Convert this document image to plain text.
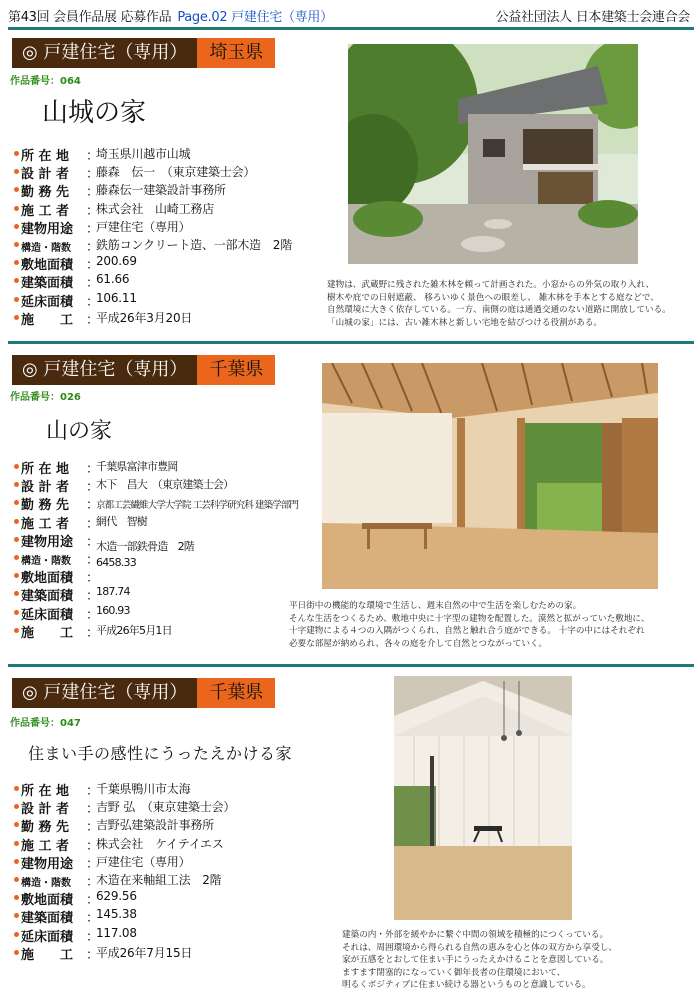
第43回 会員作品展 応募作品 Page.02 戸建住宅（専用）	公益社団法人 日本建築士会連合会
◎ 戸建住宅（専用）	埼玉県
作品番号：064
山城の家
所 在 地 ：
埼玉県川越市山城
設 計 者 ：
藤森　伝一　（東京建築士会）
勤 務 先 ：
藤森伝一建築設計事務所
施 工 者 ：
株式会社　山崎工務店
建物用途 ：
戸建住宅（専用）
構造・階数 ：
鉄筋コンクリート造、一部木造　2階
敷地面積 ：
200.69
建築面積 ：
61.66
延床面積 ：
106.11
施　　工 ：
平成26年3月20日
建物は、武蔵野に残された雑木林を頼って計画された。小窓からの外気の取り入れ、
樹木や庇での日射遮蔽、 移ろいゆく景色への眼差し、 雑木林を手本とする庭などで、
自然環境に大きく依存している。一方、南側の庭は通過交通のない道路に開放している。
「山城の家」には、古い雑木林と新しい宅地を結びつける役割がある。
◎ 戸建住宅（専用）	千葉県
作品番号：026
山の家
所 在 地 ：
千葉県富津市豊岡
設 計 者 ：
木下　昌大　（東京建築士会）
勤 務 先 ：
京都工芸繊維大学大学院 工芸科学研究科 建築学部門
施 工 者 ：
網代　智樹
建物用途 ：
木造一部鉄骨造　2階
構造・階数 ：
6458.33
敷地面積 ：
建築面積 ：
187.74
延床面積 ：
160.93
施　　工 ：
平成26年5月1日
平日街中の機能的な環境で生活し、週末自然の中で生活を楽しむための家。
そんな生活をつくるため、敷地中央に十字型の建物を配置した。漠然と拡がっていた敷地に、
十字建物による４つの入隅がつくられ、自然と触れ合う庭ができる。 十字の中にはそれぞれ
必要な部屋が納められ、各々の庭を介して自然とつながっていく。
◎ 戸建住宅（専用）	千葉県
作品番号：047
住まい手の感性にうったえかける家
所 在 地 ：
千葉県鴨川市太海
設 計 者 ：
吉野 弘　（東京建築士会）
勤 務 先 ：
吉野弘建築設計事務所
施 工 者 ：
株式会社　ケイテイエス
建物用途 ：
戸建住宅（専用）
構造・階数 ：
木造在来軸組工法　2階
敷地面積 ：
629.56
建築面積 ：
145.38
延床面積 ：
117.08
施　　工 ：
平成26年7月15日
建築の内・外部を緩やかに繋ぐ中間の領域を積極的につくっている。
それは、周囲環境から得られる自然の恵みを心と体の双方から享受し、
家が五感をとおして住まい手にうったえかけることを意図している。
ますます閉塞的になっていく御年長者の住環境において、
明るくポジティブに住まい続ける器というものと意識している。
